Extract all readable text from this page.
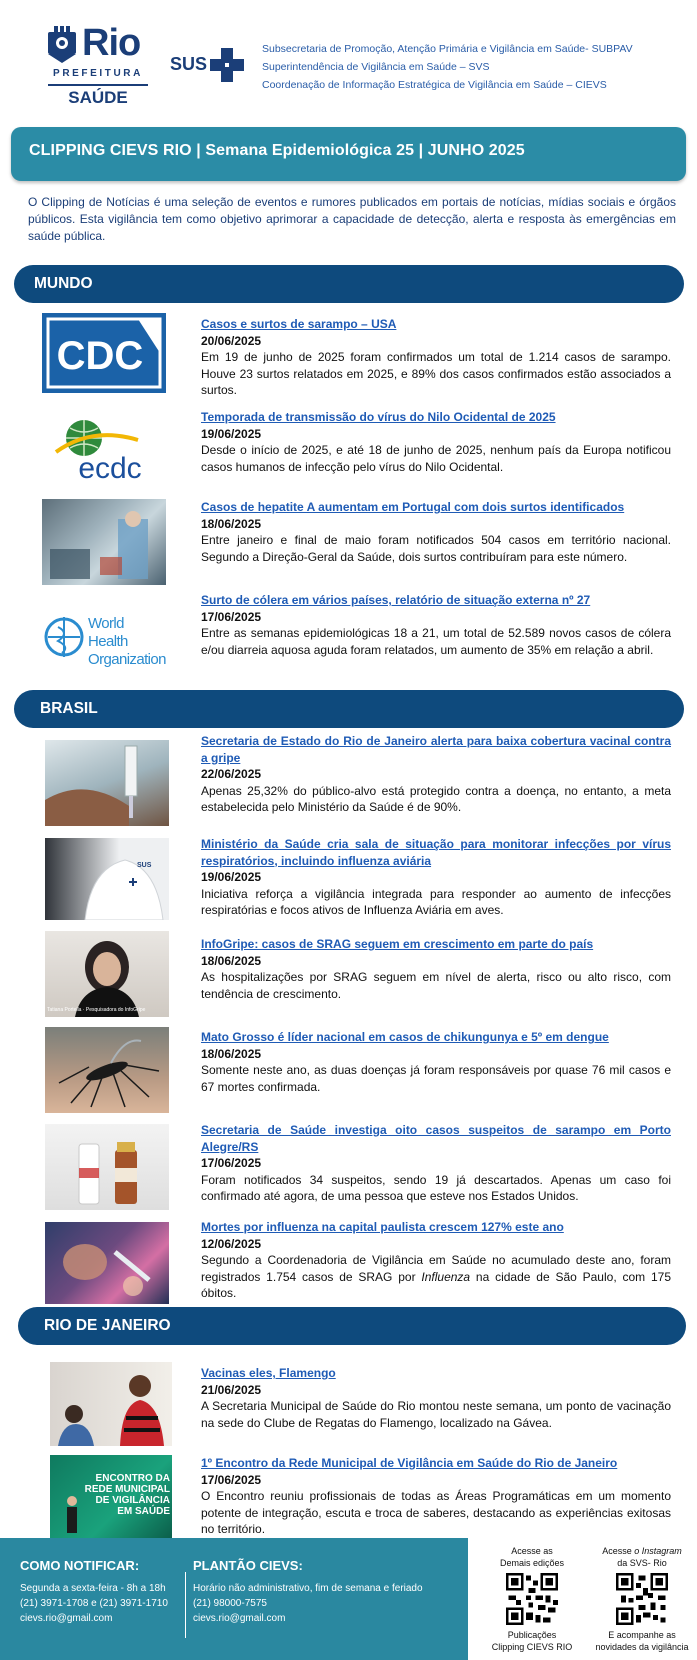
Rio
PREFEITURA
SAÚDE
SUS
Subsecretaria de Promoção, Atenção Primária e Vigilância em Saúde- SUBPAV
Superintendência de Vigilância em Saúde – SVS
Coordenação de Informação Estratégica de Vigilância em Saúde – CIEVS
CLIPPING CIEVS RIO | Semana Epidemiológica 25 | JUNHO 2025
O Clipping de Notícias é uma seleção de eventos e rumores publicados em portais de notícias, mídias sociais e órgãos públicos. Esta vigilância tem como objetivo aprimorar a capacidade de detecção, alerta e resposta às emergências em saúde pública.
MUNDO
CDC
Casos e surtos de sarampo – USA
20/06/2025
Em 19 de junho de 2025 foram confirmados um total de 1.214 casos de sarampo. Houve 23 surtos relatados em 2025, e 89% dos casos confirmados estão associados a surtos.
ecdc
Temporada de transmissão do vírus do Nilo Ocidental de 2025
19/06/2025
Desde o início de 2025, e até 18 de junho de 2025, nenhum país da Europa notificou casos humanos de infecção pelo vírus do Nilo Ocidental.
Casos de hepatite A aumentam em Portugal com dois surtos identificados
18/06/2025
Entre janeiro e final de maio foram notificados 504 casos em território nacional. Segundo a Direção-Geral da Saúde, dois surtos contribuíram para este número.
World Health Organization
Surto de cólera em vários países, relatório de situação externa nº 27
17/06/2025
Entre as semanas epidemiológicas 18 a 21, um total de 52.589 novos casos de cólera e/ou diarreia aquosa aguda foram relatados, um aumento de 35% em relação a abril.
BRASIL
Secretaria de Estado do Rio de Janeiro alerta para baixa cobertura vacinal contra a gripe
22/06/2025
Apenas 25,32% do público-alvo está protegido contra a doença, no entanto, a meta estabelecida pelo Ministério da Saúde é de 90%.
SUS
Ministério da Saúde cria sala de situação para monitorar infecções por vírus respiratórios, incluindo influenza aviária
19/06/2025
Iniciativa reforça a vigilância integrada para responder ao aumento de infecções respiratórias e focos ativos de Influenza Aviária em aves.
Tatiana Portella · Pesquisadora do InfoGripe
InfoGripe: casos de SRAG seguem em crescimento em parte do país
18/06/2025
As hospitalizações por SRAG seguem em nível de alerta, risco ou alto risco, com tendência de crescimento.
Mato Grosso é líder nacional em casos de chikungunya e 5º em dengue
18/06/2025
Somente neste ano, as duas doenças já foram responsáveis por quase 76 mil casos e 67 mortes confirmada.
Secretaria de Saúde investiga oito casos suspeitos de sarampo em Porto Alegre/RS
17/06/2025
Foram notificados 34 suspeitos, sendo 19 já descartados. Apenas um caso foi confirmado até agora, de uma pessoa que esteve nos Estados Unidos.
Mortes por influenza na capital paulista crescem 127% este ano
12/06/2025
Segundo a Coordenadoria de Vigilância em Saúde no acumulado deste ano, foram registrados 1.754 casos de SRAG por Influenza na cidade de São Paulo, com 175 óbitos.
RIO DE JANEIRO
Vacinas eles, Flamengo
21/06/2025
A Secretaria Municipal de Saúde do Rio montou neste semana, um ponto de vacinação na sede do Clube de Regatas do Flamengo, localizado na Gávea.
ENCONTRO DA REDE MUNICIPAL DE VIGILÂNCIA EM SAÚDE
1º Encontro da Rede Municipal de Vigilância em Saúde do Rio de Janeiro
17/06/2025
O Encontro reuniu profissionais de todas as Áreas Programáticas em um momento potente de integração, escuta e troca de saberes, destacando as experiências exitosas no território.
COMO NOTIFICAR:

Segunda a sexta-feira - 8h a 18h

(21) 3971-1708 e (21) 3971-1710

cievs.rio@gmail.com

PLANTÃO CIEVS:

Horário não administrativo, fim de semana e feriado

(21) 98000-7575

cievs.rio@gmail.com

Acesse as
Demais edições
Publicações
Clipping CIEVS RIO
Acesse o Instagram
da SVS- Rio
E acompanhe as
novidades da vigilância
